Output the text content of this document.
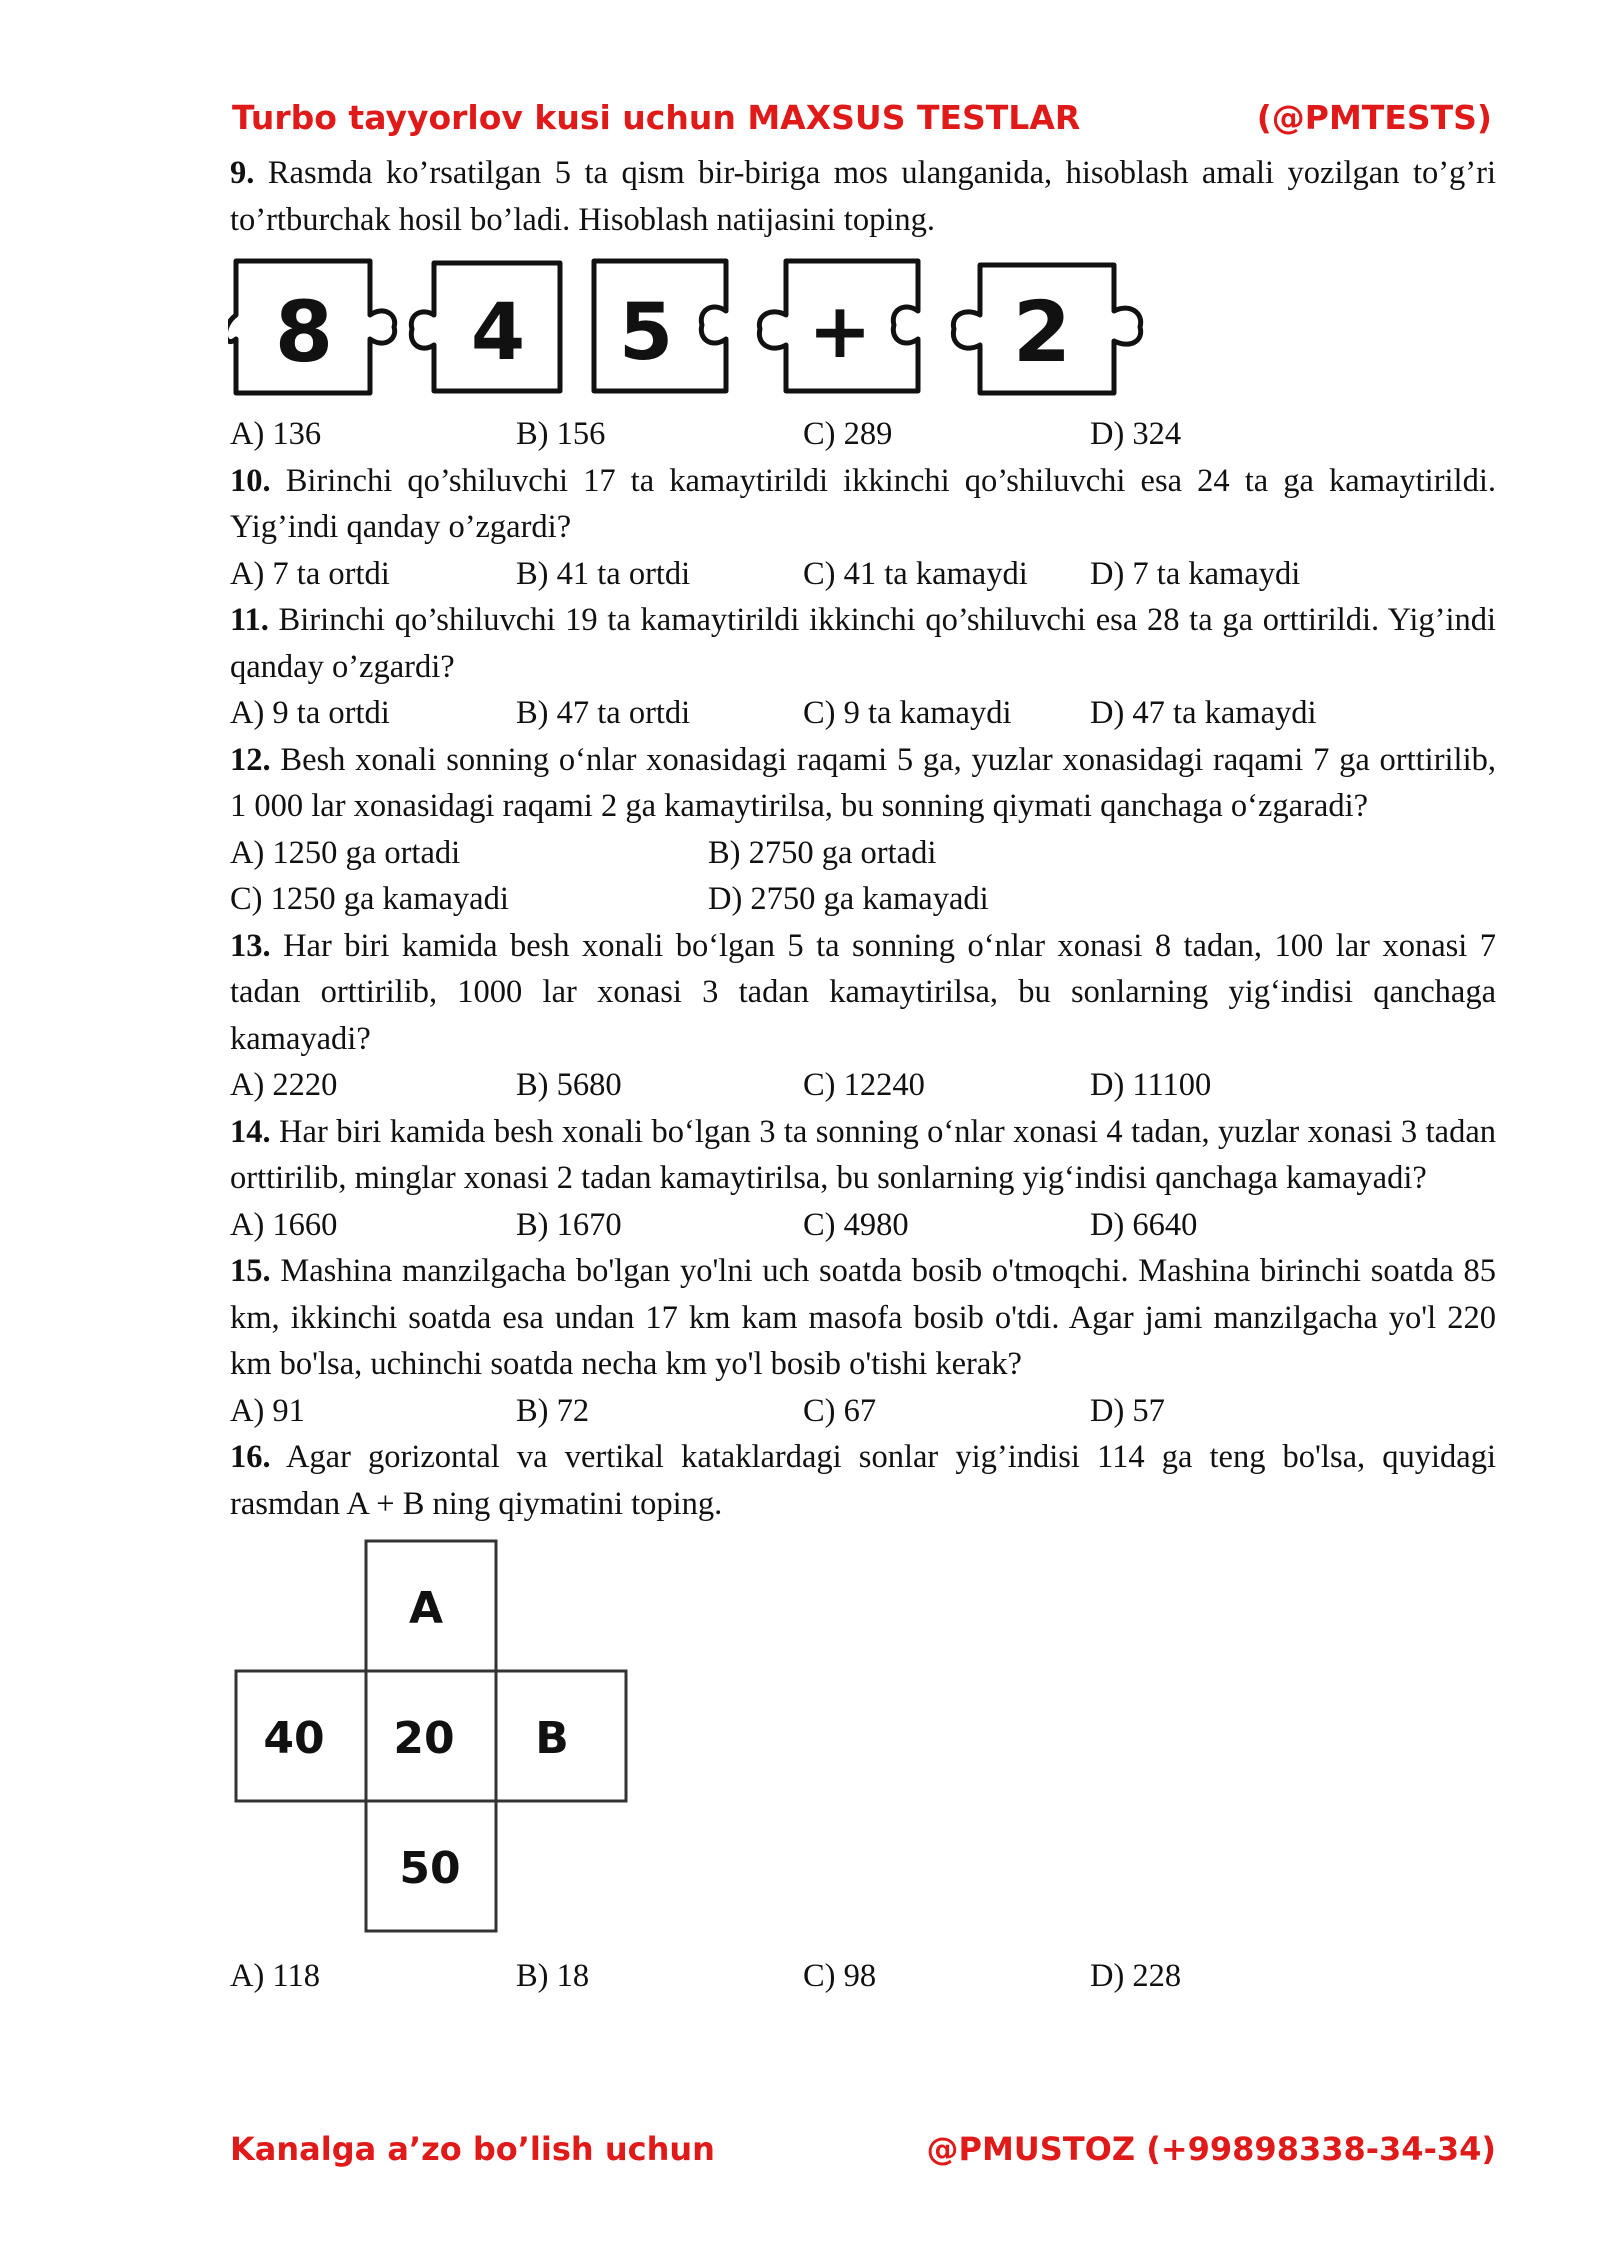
Turbo tayyorlov kusi uchun MAXSUS TESTLAR	(@PMTESTS)

9. Rasmda ko’rsatilgan 5 ta qism bir-biriga mos ulanganida, hisoblash amali yozilgan to’g’ri to’rtburchak hosil bo’ladi. Hisoblash natijasini toping.

8 4 5 + 2
A) 136	B) 156	C) 289	D) 324

10. Birinchi qo’shiluvchi 17 ta kamaytirildi ikkinchi qo’shiluvchi esa 24 ta ga kamaytirildi. Yig’indi qanday o’zgardi?

A) 7 ta ortdi	B) 41 ta ortdi	C) 41 ta kamaydi D) 7 ta kamaydi

11. Birinchi qo’shiluvchi 19 ta kamaytirildi ikkinchi qo’shiluvchi esa 28 ta ga orttirildi. Yig’indi qanday o’zgardi?

A) 9 ta ortdi	B) 47 ta ortdi	C) 9 ta kamaydi D) 47 ta kamaydi

12. Besh xonali sonning o‘nlar xonasidagi raqami 5 ga, yuzlar xonasidagi raqami 7 ga orttirilib, 1 000 lar xonasidagi raqami 2 ga kamaytirilsa, bu sonning qiymati qanchaga o‘zgaradi?

A) 1250 ga ortadi	B) 2750 ga ortadi
C) 1250 ga kamayadi	D) 2750 ga kamayadi

13. Har biri kamida besh xonali bo‘lgan 5 ta sonning o‘nlar xonasi 8 tadan, 100 lar xonasi 7 tadan orttirilib, 1000 lar xonasi 3 tadan kamaytirilsa, bu sonlarning yig‘indisi qanchaga kamayadi?

A) 2220	B) 5680	C) 12240	D) 11100

14. Har biri kamida besh xonali bo‘lgan 3 ta sonning o‘nlar xonasi 4 tadan, yuzlar xonasi 3 tadan orttirilib, minglar xonasi 2 tadan kamaytirilsa, bu sonlarning yig‘indisi qanchaga kamayadi?

A) 1660	B) 1670	C) 4980	D) 6640

15. Mashina manzilgacha bo'lgan yo'lni uch soatda bosib o'tmoqchi. Mashina birinchi soatda 85 km, ikkinchi soatda esa undan 17 km kam masofa bosib o'tdi. Agar jami manzilgacha yo'l 220 km bo'lsa, uchinchi soatda necha km yo'l bosib o'tishi kerak?

A) 91	B) 72	C) 67	D) 57

16. Agar gorizontal va vertikal kataklardagi sonlar yig’indisi 114 ga teng bo'lsa, quyidagi rasmdan A + B ning qiymatini toping.

A
40 20 B
50
A) 118	B) 18	C) 98	D) 228
Kanalga a’zo bo’lish uchun	@PMUSTOZ (+99898338-34-34)
